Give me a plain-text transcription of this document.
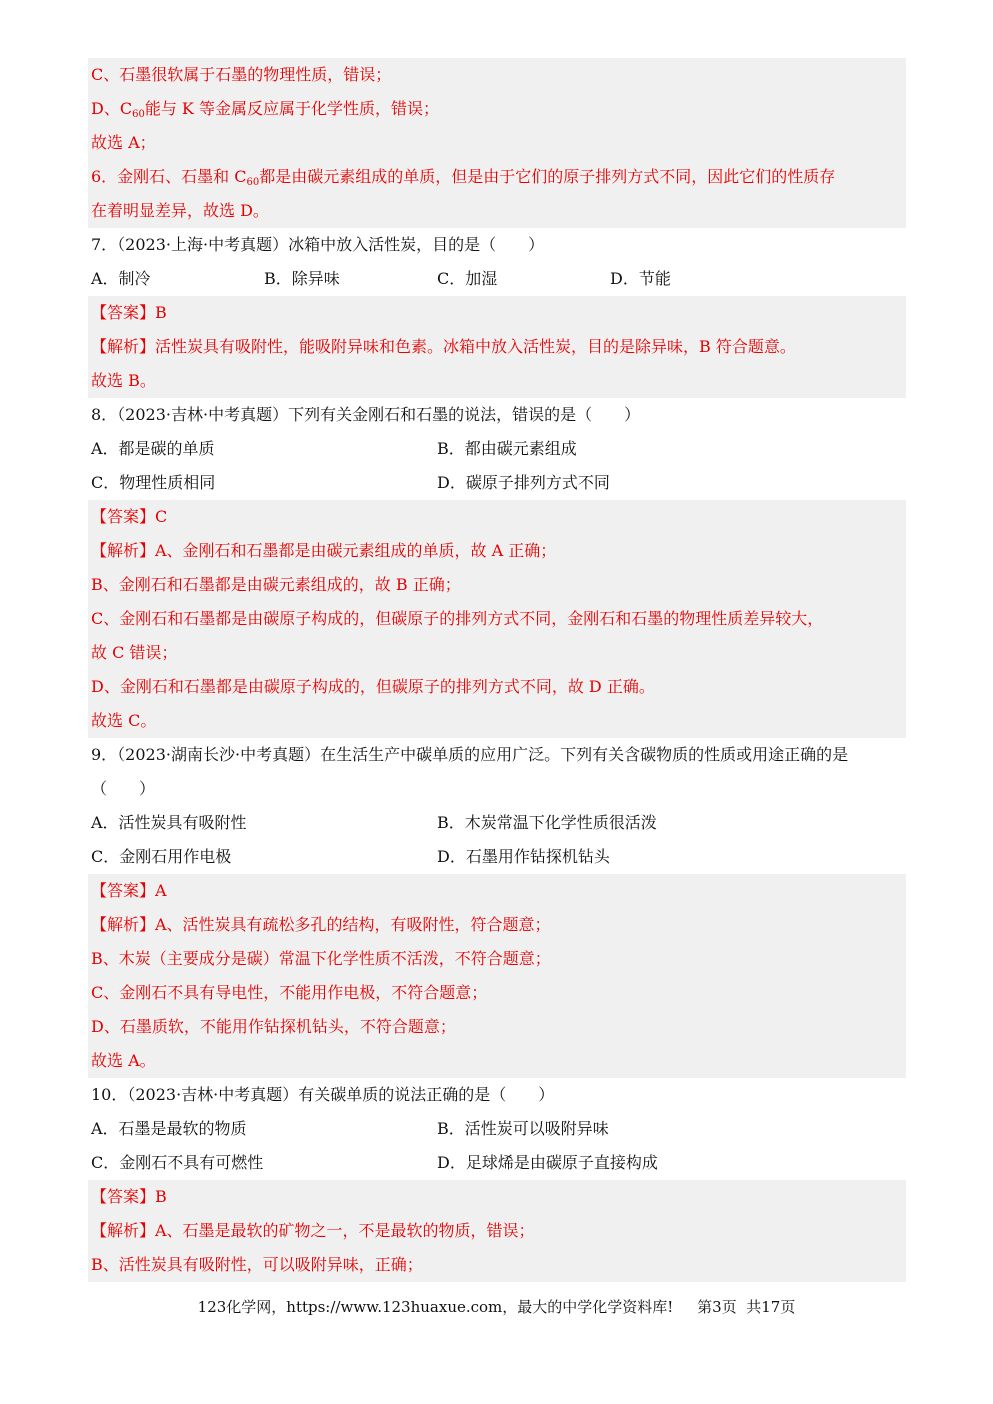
C、石墨很软属于石墨的物理性质，错误；
D、$C_{60}$能与 K 等金属反应属于化学性质，错误；
故选 A；
6．金刚石、石墨和 $C_{60}$都是由碳元素组成的单质，但是由于它们的原子排列方式不同，因此它们的性质存
在着明显差异，故选 D。
7．（2023·上海·中考真题）冰箱中放入活性炭，目的是（　　）
A．制冷	B．除异味	C．加湿	D．节能
【答案】B
【解析】活性炭具有吸附性，能吸附异味和色素。冰箱中放入活性炭，目的是除异味，B 符合题意。
故选 B。
8．（2023·吉林·中考真题）下列有关金刚石和石墨的说法，错误的是（　　）
A．都是碳的单质	B．都由碳元素组成
C．物理性质相同	D．碳原子排列方式不同
【答案】C
【解析】A、金刚石和石墨都是由碳元素组成的单质，故 A 正确；
B、金刚石和石墨都是由碳元素组成的，故 B 正确；
C、金刚石和石墨都是由碳原子构成的，但碳原子的排列方式不同，金刚石和石墨的物理性质差异较大，
故 C 错误；
D、金刚石和石墨都是由碳原子构成的，但碳原子的排列方式不同，故 D 正确。
故选 C。
9．（2023·湖南长沙·中考真题）在生活生产中碳单质的应用广泛。下列有关含碳物质的性质或用途正确的是
（　　）
A．活性炭具有吸附性	B．木炭常温下化学性质很活泼
C．金刚石用作电极	D．石墨用作钻探机钻头
【答案】A
【解析】A、活性炭具有疏松多孔的结构，有吸附性，符合题意；
B、木炭（主要成分是碳）常温下化学性质不活泼，不符合题意；
C、金刚石不具有导电性，不能用作电极，不符合题意；
D、石墨质软，不能用作钻探机钻头，不符合题意；
故选 A。
10．（2023·吉林·中考真题）有关碳单质的说法正确的是（　　）
A．石墨是最软的物质	B．活性炭可以吸附异味
C．金刚石不具有可燃性	D．足球烯是由碳原子直接构成
【答案】B
【解析】A、石墨是最软的矿物之一，不是最软的物质，错误；
B、活性炭具有吸附性，可以吸附异味，正确；
123化学网，https://www.123huaxue.com，最大的中学化学资料库!     第3页  共17页
